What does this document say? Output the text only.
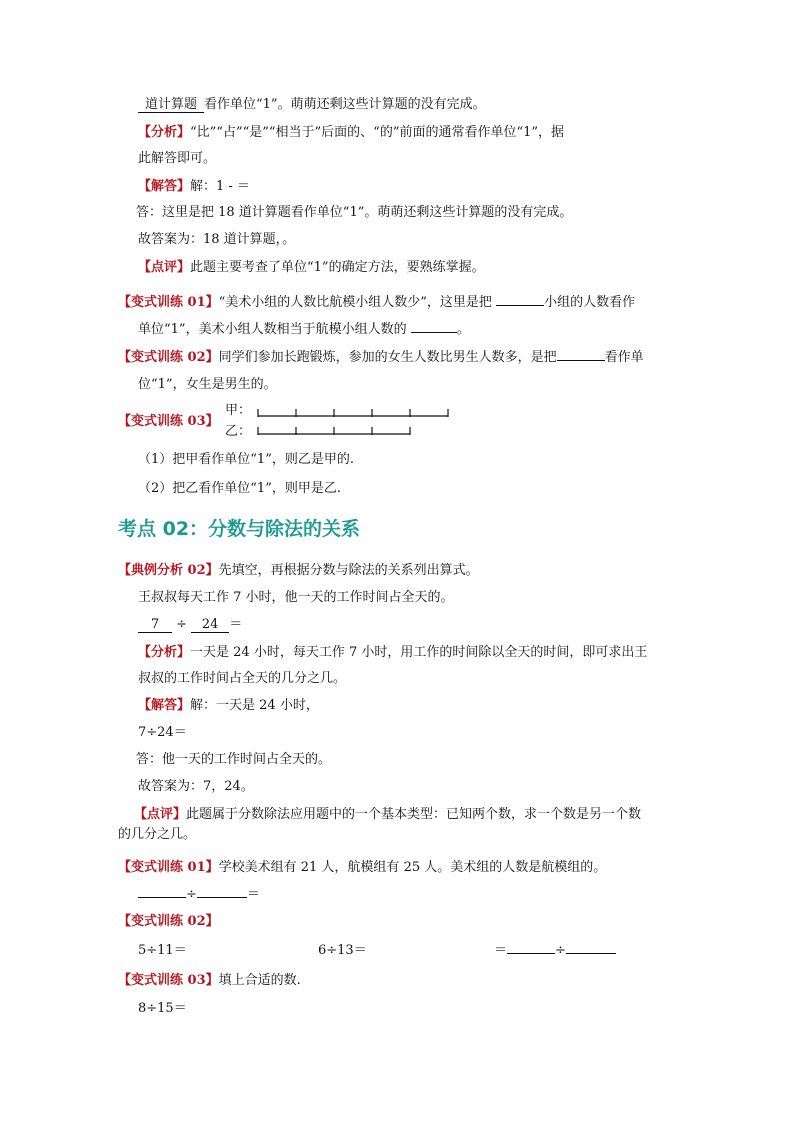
道计算题 看作单位“1”。萌萌还剩这些计算题的没有完成。
【分析】“比”“占”“是”“相当于”后面的、“的”前面的通常看作单位“1”，据
此解答即可。
【解答】解：1 - ＝
答：这里是把 18 道计算题看作单位“1”。萌萌还剩这些计算题的没有完成。
故答案为：18 道计算题，。
【点评】此题主要考查了单位“1”的确定方法，要熟练掌握。
【变式训练 01】“美术小组的人数比航模小组人数少”，这里是把	小组的人数看作
单位“1”，美术小组人数相当于航模小组人数的	。
【变式训练 02】同学们参加长跑锻炼，参加的女生人数比男生人数多，是把	看作单
位“1”，女生是男生的。
【变式训练 03】
甲：
乙：
（1）把甲看作单位“1”，则乙是甲的.
（2）把乙看作单位“1”，则甲是乙.
考点 02：分数与除法的关系
【典例分析 02】先填空，再根据分数与除法的关系列出算式。
王叔叔每天工作 7 小时，他一天的工作时间占全天的。
7 ÷ 24 ＝
【分析】一天是 24 小时，每天工作 7 小时，用工作的时间除以全天的时间，即可求出王
叔叔的工作时间占全天的几分之几。
【解答】解：一天是 24 小时，
7÷24＝
答：他一天的工作时间占全天的。
故答案为：7，24。
【点评】此题属于分数除法应用题中的一个基本类型：已知两个数，求一个数是另一个数
的几分之几。
【变式训练 01】学校美术组有 21 人，航模组有 25 人。美术组的人数是航模组的。
÷	＝
【变式训练 02】
5÷11＝	6÷13＝	＝	÷
【变式训练 03】填上合适的数.
8÷15＝
